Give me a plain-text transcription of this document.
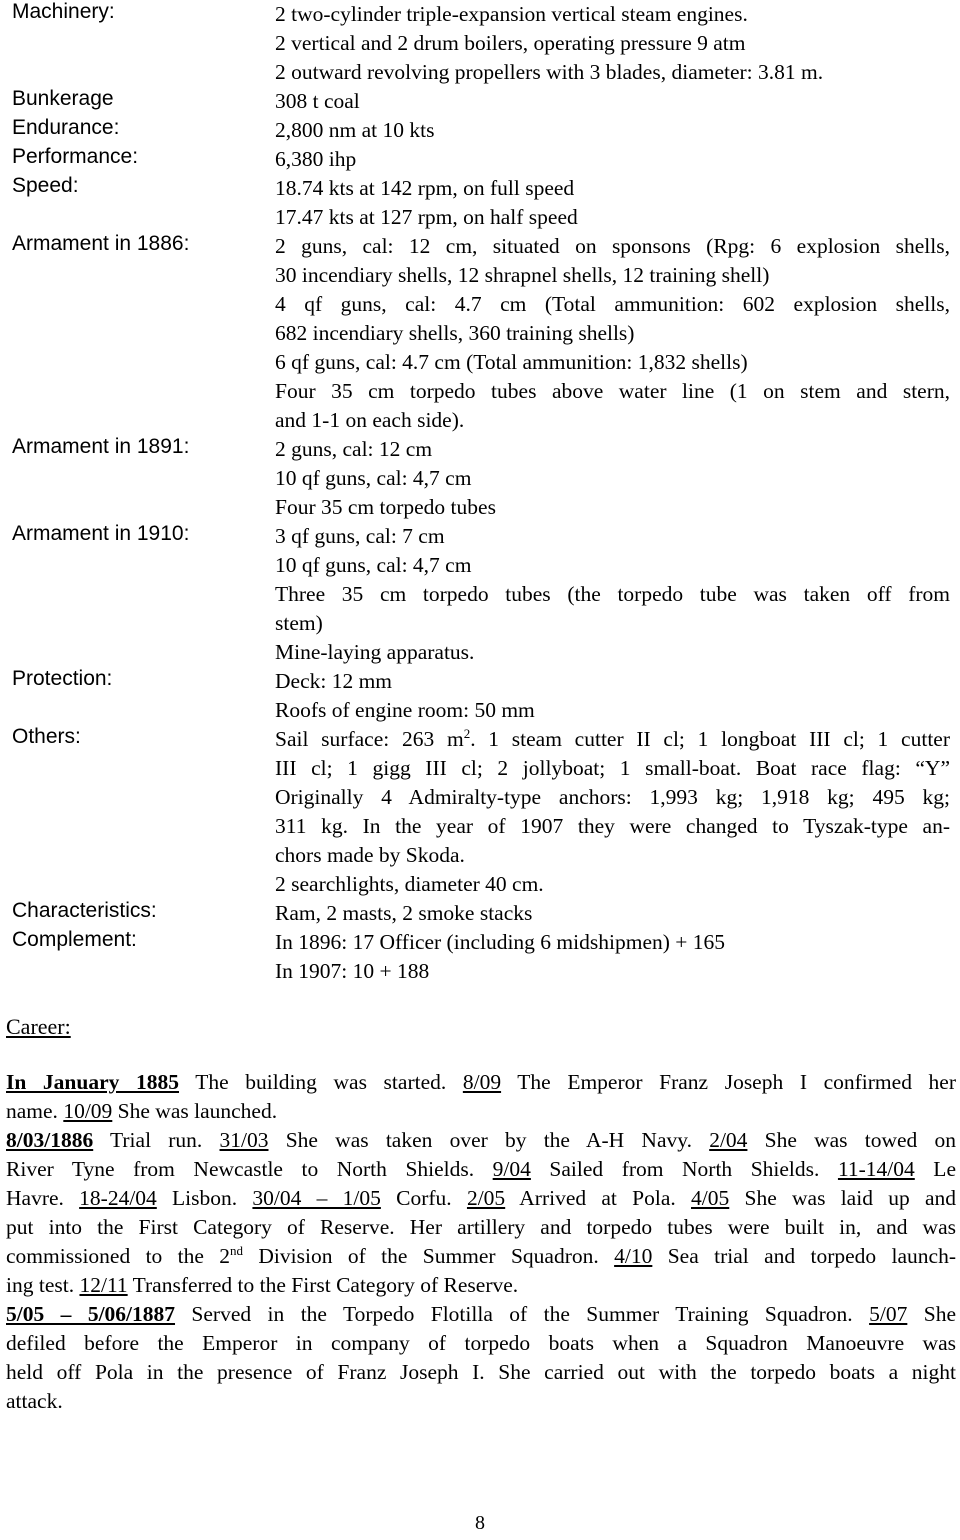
Machinery:	2 two-cylinder triple-expansion vertical steam engines.
2 vertical and 2 drum boilers, operating pressure 9 atm
2 outward revolving propellers with 3 blades, diameter: 3.81 m.
Bunkerage	308 t coal
Endurance:	2,800 nm at 10 kts
Performance:	6,380 ihp
Speed:	18.74 kts at 142 rpm, on full speed
17.47 kts at 127 rpm, on half speed
Armament in 1886:	2 guns, cal: 12 cm, situated on sponsons (Rpg: 6 explosion shells,
30 incendiary shells, 12 shrapnel shells, 12 training shell)
4 qf guns, cal: 4.7 cm (Total ammunition: 602 explosion shells,
682 incendiary shells, 360 training shells)
6 qf guns, cal: 4.7 cm (Total ammunition: 1,832 shells)
Four 35 cm torpedo tubes above water line (1 on stem and stern,
and 1-1 on each side).
Armament in 1891:	2 guns, cal: 12 cm
10 qf guns, cal: 4,7 cm
Four 35 cm torpedo tubes
Armament in 1910:	3 qf guns, cal: 7 cm
10 qf guns, cal: 4,7 cm
Three 35 cm torpedo tubes (the torpedo tube was taken off from
stem)
Mine-laying apparatus.
Protection:	Deck: 12 mm
Roofs of engine room: 50 mm
Others:	Sail surface: 263 $m^2$. 1 steam cutter II cl; 1 longboat III cl; 1 cutter
III cl; 1 gigg III cl; 2 jollyboat; 1 small-boat. Boat race flag: “Y”
Originally 4 Admiralty-type anchors: 1,993 kg; 1,918 kg; 495 kg;
311 kg. In the year of 1907 they were changed to Tyszak-type an-
chors made by Skoda.
2 searchlights, diameter 40 cm.
Characteristics:	Ram, 2 masts, 2 smoke stacks
Complement:	In 1896: 17 Officer (including 6 midshipmen) + 165
In 1907: 10 + 188
Career:
In January 1885 The building was started. 8/09 The Emperor Franz Joseph I confirmed her
name. 10/09 She was launched.
8/03/1886 Trial run. 31/03 She was taken over by the A-H Navy. 2/04 She was towed on
River Tyne from Newcastle to North Shields. 9/04 Sailed from North Shields. 11-14/04 Le
Havre. 18-24/04 Lisbon. 30/04 – 1/05 Corfu. 2/05 Arrived at Pola. 4/05 She was laid up and
put into the First Category of Reserve. Her artillery and torpedo tubes were built in, and was
commissioned to the 2nd Division of the Summer Squadron. 4/10 Sea trial and torpedo launch-
ing test. 12/11 Transferred to the First Category of Reserve.
5/05 – 5/06/1887 Served in the Torpedo Flotilla of the Summer Training Squadron. 5/07 She
defiled before the Emperor in company of torpedo boats when a Squadron Manoeuvre was
held off Pola in the presence of Franz Joseph I. She carried out with the torpedo boats a night
attack.
8
